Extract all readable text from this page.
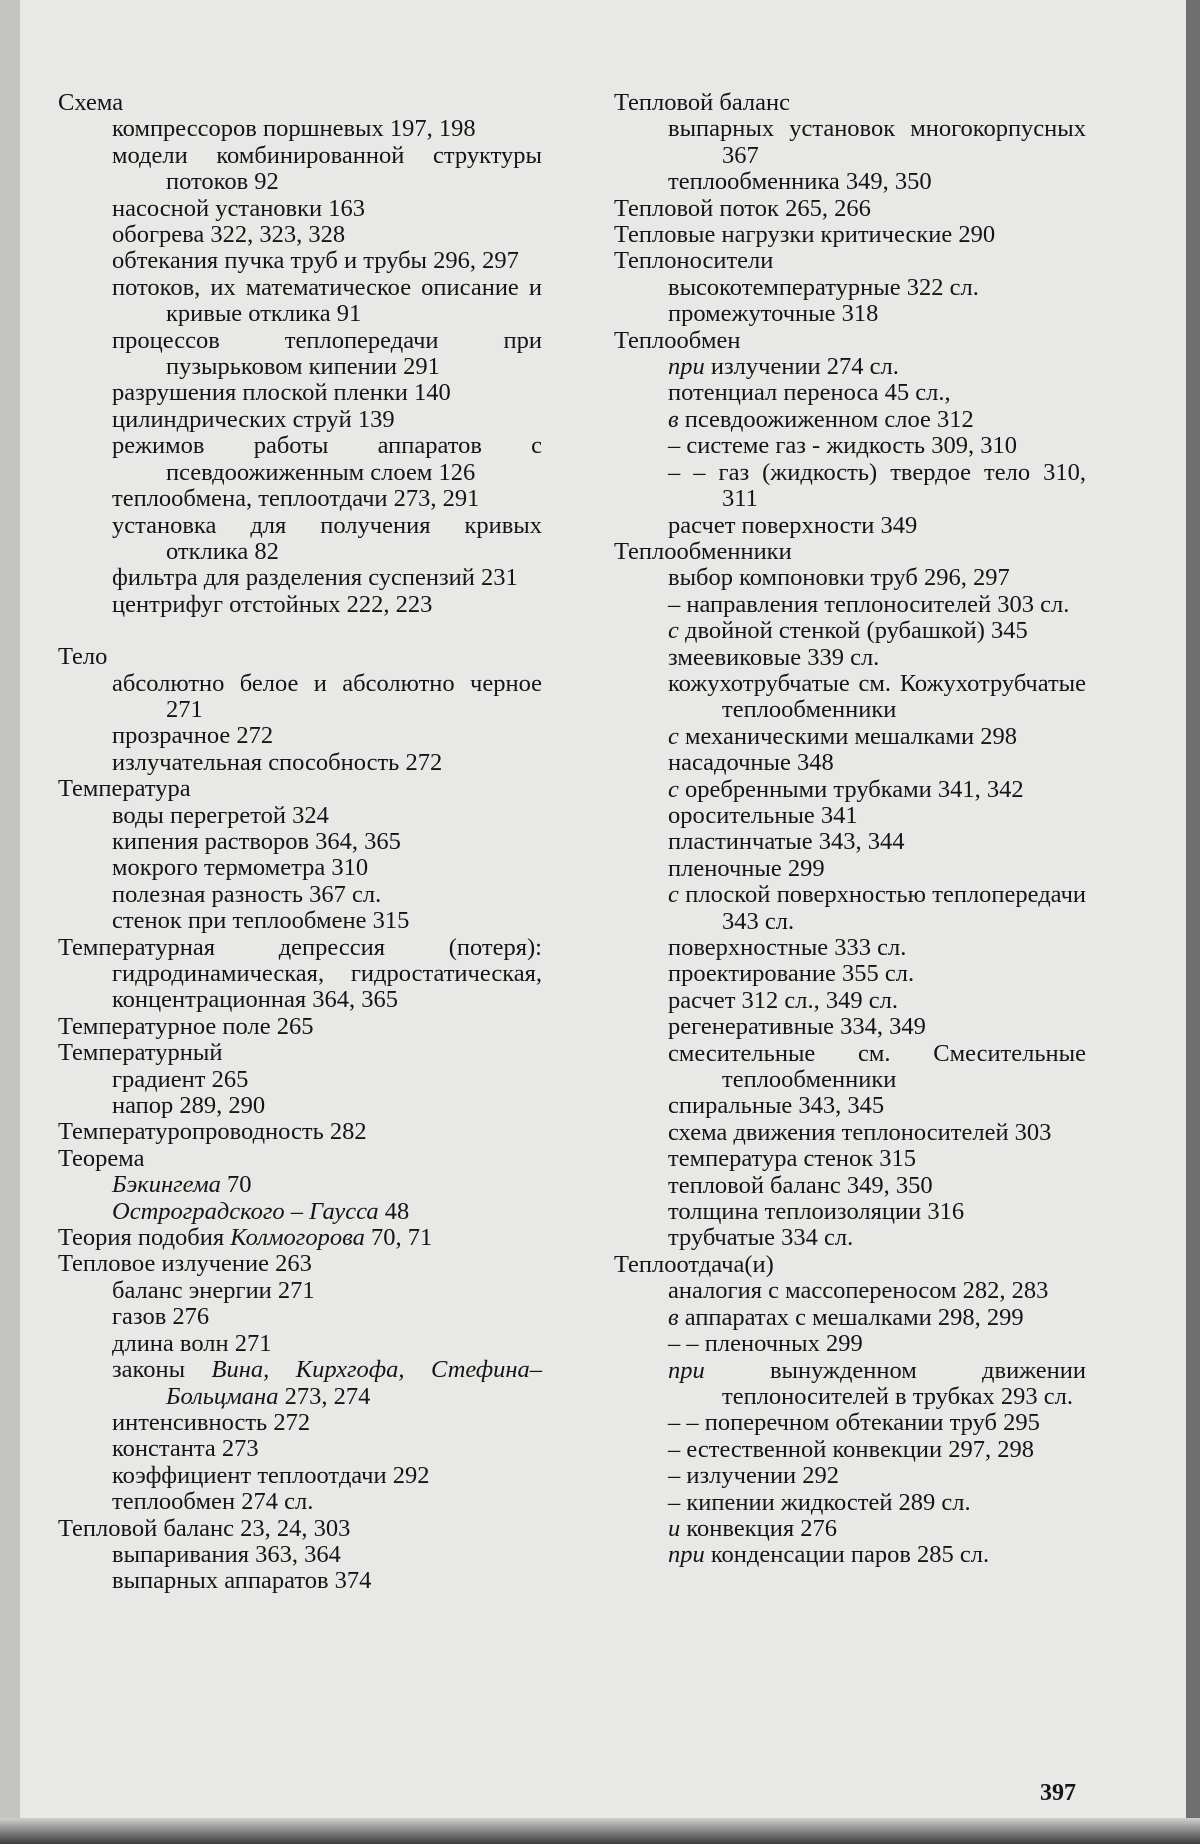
Схема
компрессоров поршневых 197, 198
модели комбинированной структуры потоков 92
насосной установки 163
обогрева 322, 323, 328
обтекания пучка труб и трубы 296, 297
потоков, их математическое описание и кривые отклика 91
процессов теплопередачи при пузырьковом кипении 291
разрушения плоской пленки 140
цилиндрических струй 139
режимов работы аппаратов с псевдоожиженным слоем 126
теплообмена, теплоотдачи 273, 291
установка для получения кривых отклика 82
фильтра для разделения суспензий 231
центрифуг отстойных 222, 223
Тело
абсолютно белое и абсолютно черное 271
прозрачное 272
излучательная способность 272
Температура
воды перегретой 324
кипения растворов 364, 365
мокрого термометра 310
полезная разность 367 сл.
стенок при теплообмене 315
Температурная депрессия (потеря): гидродинамическая, гидростатическая, концентрационная 364, 365
Температурное поле 265
Температурный
градиент 265
напор 289, 290
Температуропроводность 282
Теорема
Бэкингема 70
Остроградского – Гаусса 48
Теория подобия Колмогорова 70, 71
Тепловое излучение 263
баланс энергии 271
газов 276
длина волн 271
законы Вина, Кирхгофа, Стефина–Больцмана 273, 274
интенсивность 272
константа 273
коэффициент теплоотдачи 292
теплообмен 274 сл.
Тепловой баланс 23, 24, 303
выпаривания 363, 364
выпарных аппаратов 374
Тепловой баланс
выпарных установок многокорпусных 367
теплообменника 349, 350
Тепловой поток 265, 266
Тепловые нагрузки критические 290
Теплоносители
высокотемпературные 322 сл.
промежуточные 318
Теплообмен
при излучении 274 сл.
потенциал переноса 45 сл.,
в псевдоожиженном слое 312
– системе газ - жидкость 309, 310
– – газ (жидкость) твердое тело 310, 311
расчет поверхности 349
Теплообменники
выбор компоновки труб 296, 297
– направления теплоносителей 303 сл.
с двойной стенкой (рубашкой) 345
змеевиковые 339 сл.
кожухотрубчатые см. Кожухотрубчатые теплообменники
с механическими мешалками 298
насадочные 348
с оребренными трубками 341, 342
оросительные 341
пластинчатые 343, 344
пленочные 299
с плоской поверхностью теплопередачи 343 сл.
поверхностные 333 сл.
проектирование 355 сл.
расчет 312 сл., 349 сл.
регенеративные 334, 349
смесительные см. Смесительные теплообменники
спиральные 343, 345
схема движения теплоносителей 303
температура стенок 315
тепловой баланс 349, 350
толщина теплоизоляции 316
трубчатые 334 сл.
Теплоотдача(и)
аналогия с массопереносом 282, 283
в аппаратах с мешалками 298, 299
– – пленочных 299
при вынужденном движении теплоносителей в трубках 293 сл.
– – поперечном обтекании труб 295
– естественной конвекции 297, 298
– излучении 292
– кипении жидкостей 289 сл.
и конвекция 276
при конденсации паров 285 сл.
397
